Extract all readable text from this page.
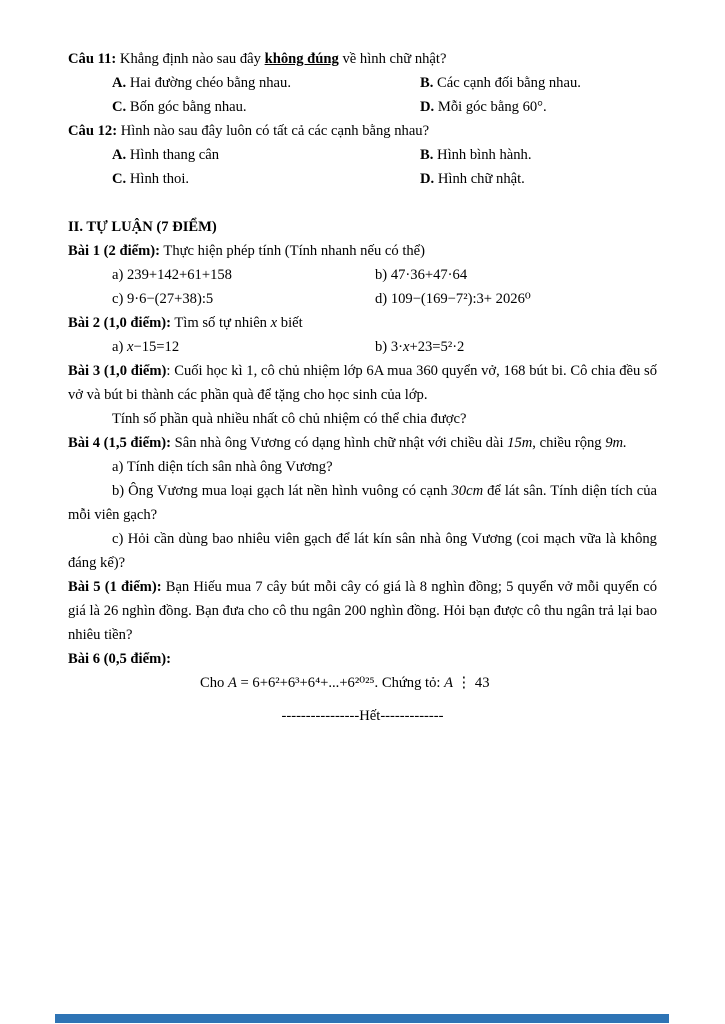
Câu 11: Khẳng định nào sau đây không đúng về hình chữ nhật?

A. Hai đường chéo bằng nhau.	B. Các cạnh đối bằng nhau.
C. Bốn góc bằng nhau.	D. Mỗi góc bằng 60°.

Câu 12: Hình nào sau đây luôn có tất cả các cạnh bằng nhau?

A. Hình thang cân	B. Hình bình hành.
C. Hình thoi.	D. Hình chữ nhật.

II. TỰ LUẬN (7 ĐIỂM)

Bài 1 (2 điểm): Thực hiện phép tính (Tính nhanh nếu có thể)

a) 239+142+61+158	b) 47·36+47·64
c) 9·6−(27+38):5	d) 109−(169−7²):3+ 2026⁰

Bài 2 (1,0 điểm): Tìm số tự nhiên x biết

a) x−15=12	b) 3·x+23=5²·2

Bài 3 (1,0 điểm): Cuối học kì 1, cô chủ nhiệm lớp 6A mua 360 quyển vở, 168 bút bi. Cô chia đều số vở và bút bi thành các phần quà để tặng cho học sinh của lớp.

Tính số phần quà nhiều nhất cô chủ nhiệm có thể chia được?

Bài 4 (1,5 điểm): Sân nhà ông Vương có dạng hình chữ nhật với chiều dài 15m, chiều rộng 9m.

a) Tính diện tích sân nhà ông Vương?

b) Ông Vương mua loại gạch lát nền hình vuông có cạnh 30cm để lát sân. Tính diện tích của mỗi viên gạch?

c) Hỏi cần dùng bao nhiêu viên gạch để lát kín sân nhà ông Vương (coi mạch vữa là không đáng kể)?

Bài 5 (1 điểm): Bạn Hiếu mua 7 cây bút mỗi cây có giá là 8 nghìn đồng; 5 quyển vở mỗi quyển có giá là 26 nghìn đồng. Bạn đưa cho cô thu ngân 200 nghìn đồng. Hỏi bạn được cô thu ngân trả lại bao nhiêu tiền?

Bài 6 (0,5 điểm):

Cho A = 6+6²+6³+6⁴+...+6²⁰²⁵. Chứng tỏ: A ⋮ 43

----------------Hết-------------
